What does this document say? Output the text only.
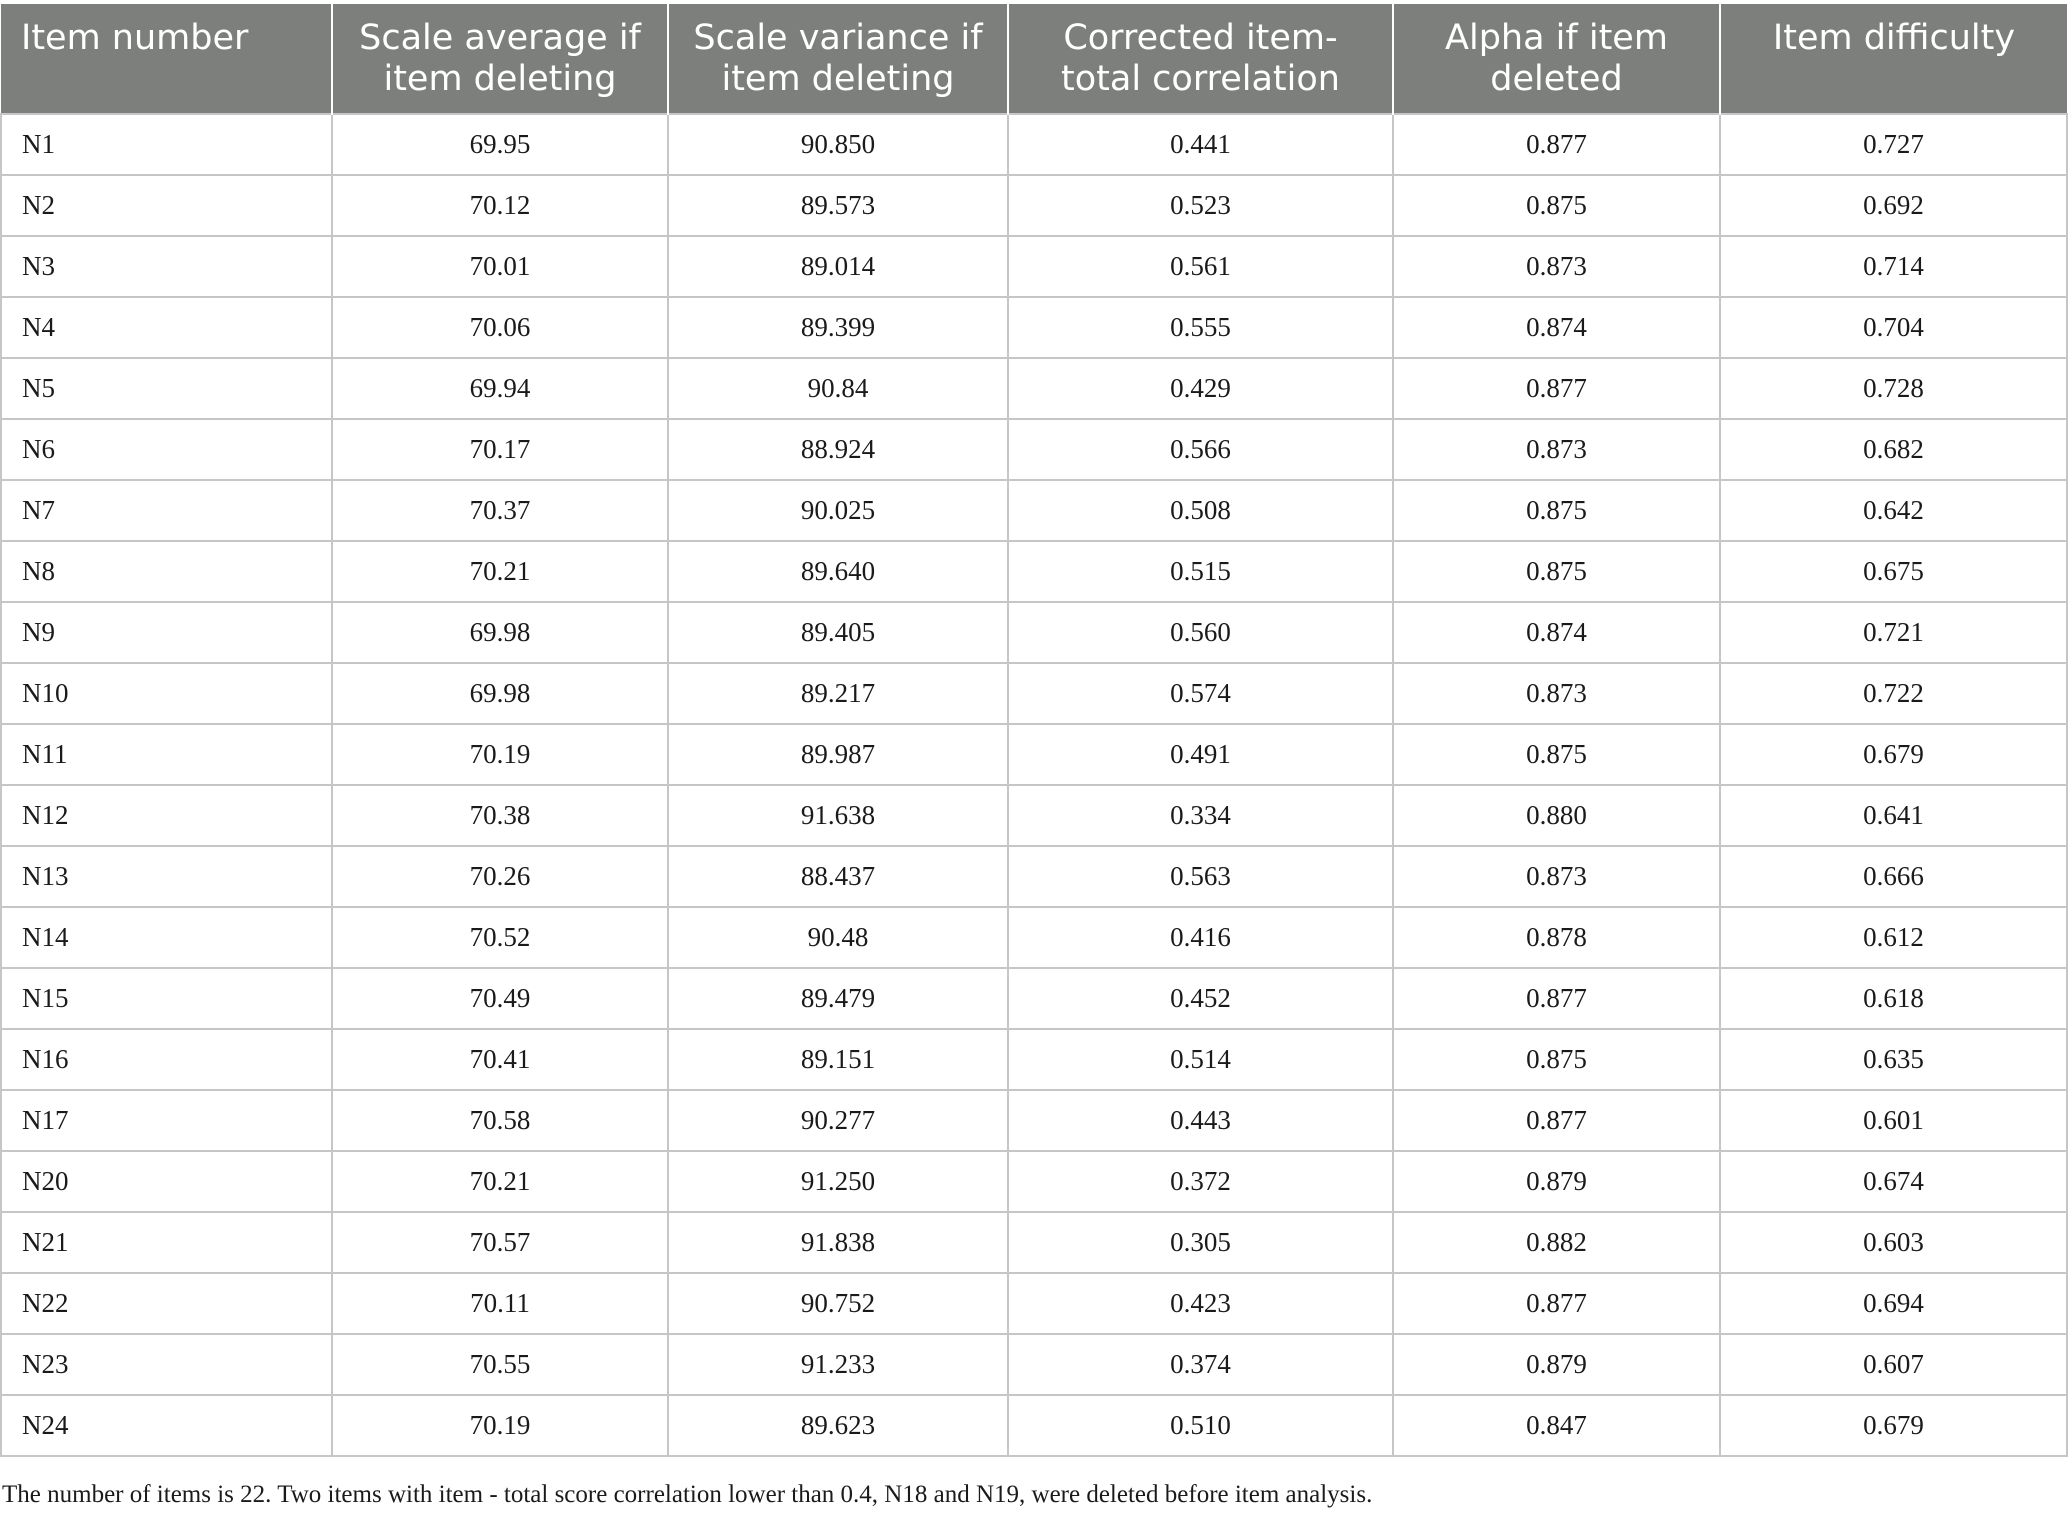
Item number	Scale average if item deleting	Scale variance if item deleting	Corrected item-total correlation	Alpha if item deleted	Item difficulty
N1	69.95	90.850	0.441	0.877	0.727
N2	70.12	89.573	0.523	0.875	0.692
N3	70.01	89.014	0.561	0.873	0.714
N4	70.06	89.399	0.555	0.874	0.704
N5	69.94	90.84	0.429	0.877	0.728
N6	70.17	88.924	0.566	0.873	0.682
N7	70.37	90.025	0.508	0.875	0.642
N8	70.21	89.640	0.515	0.875	0.675
N9	69.98	89.405	0.560	0.874	0.721
N10	69.98	89.217	0.574	0.873	0.722
N11	70.19	89.987	0.491	0.875	0.679
N12	70.38	91.638	0.334	0.880	0.641
N13	70.26	88.437	0.563	0.873	0.666
N14	70.52	90.48	0.416	0.878	0.612
N15	70.49	89.479	0.452	0.877	0.618
N16	70.41	89.151	0.514	0.875	0.635
N17	70.58	90.277	0.443	0.877	0.601
N20	70.21	91.250	0.372	0.879	0.674
N21	70.57	91.838	0.305	0.882	0.603
N22	70.11	90.752	0.423	0.877	0.694
N23	70.55	91.233	0.374	0.879	0.607
N24	70.19	89.623	0.510	0.847	0.679
The number of items is 22. Two items with item - total score correlation lower than 0.4, N18 and N19, were deleted before item analysis.
